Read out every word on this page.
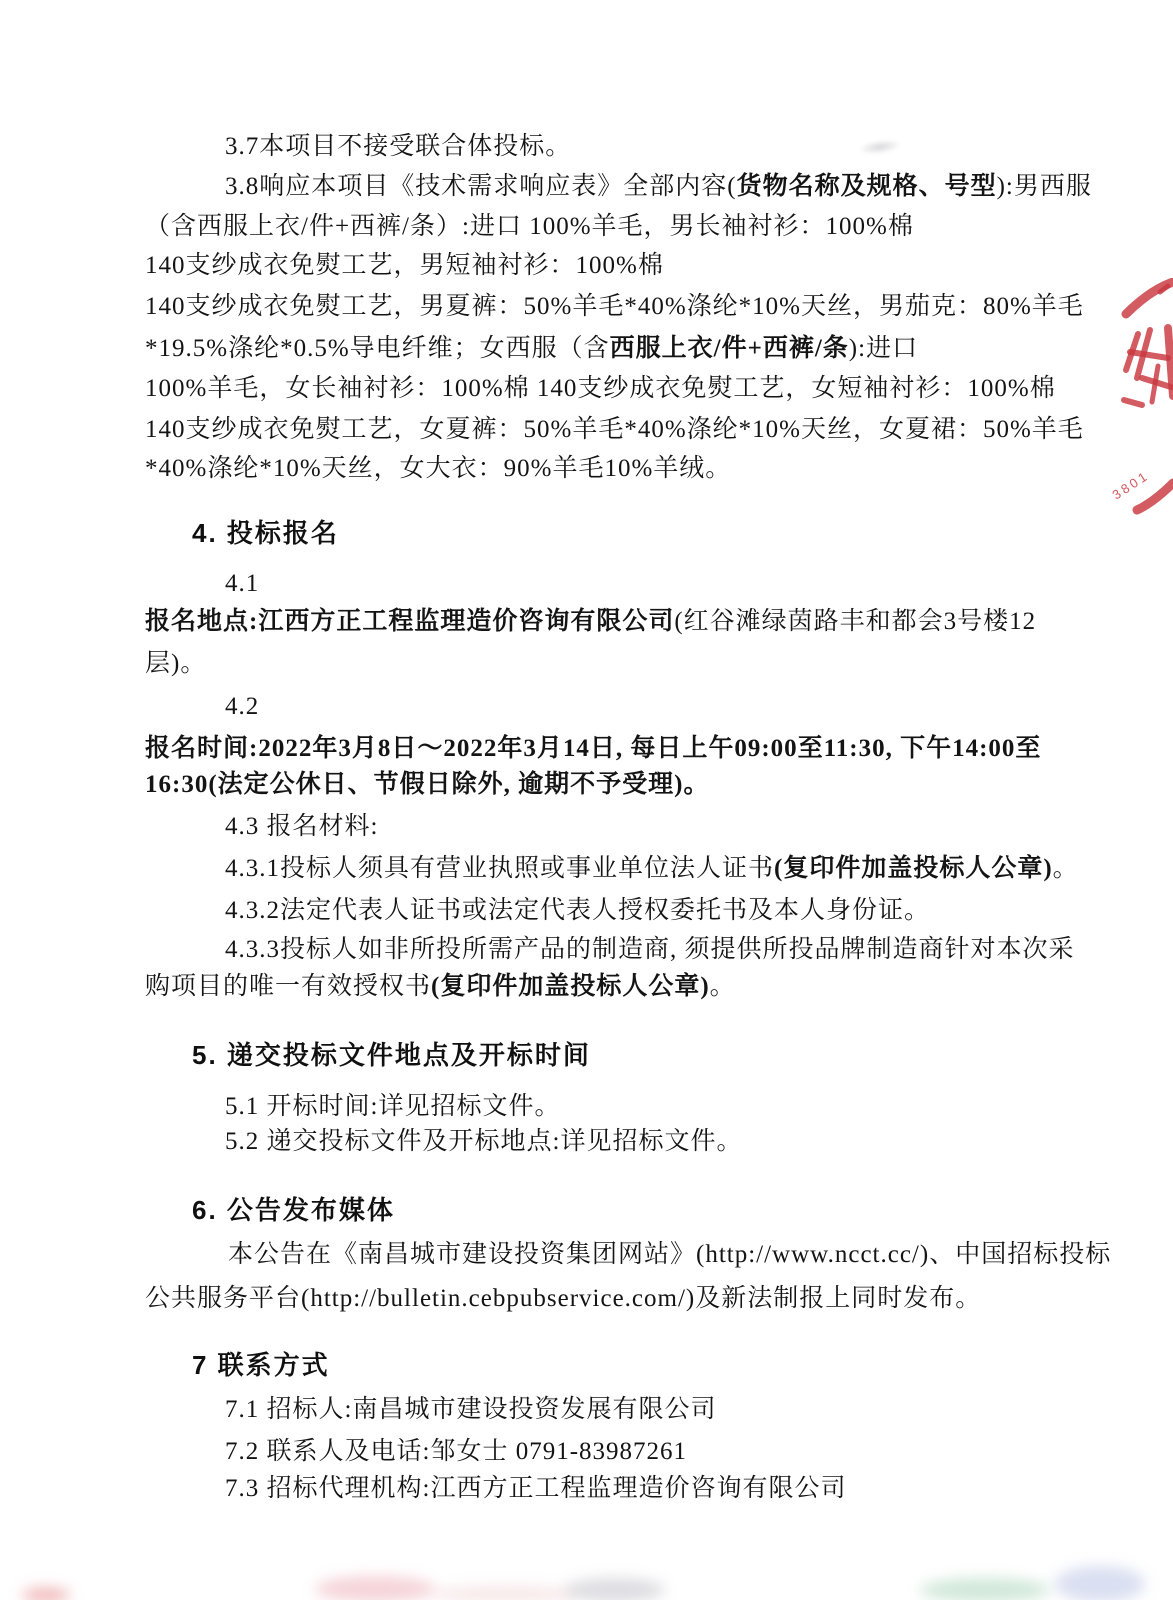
3.7本项目不接受联合体投标。
3.8响应本项目《技术需求响应表》全部内容(货物名称及规格、号型):男西服
（含西服上衣/件+西裤/条）:进口 100%羊毛，男长袖衬衫：100%棉
140支纱成衣免熨工艺，男短袖衬衫：100%棉
140支纱成衣免熨工艺，男夏裤：50%羊毛*40%涤纶*10%天丝，男茄克：80%羊毛
*19.5%涤纶*0.5%导电纤维；女西服（含西服上衣/件+西裤/条)​:进口
100%羊毛，女长袖衬衫：100%棉 140支纱成衣免熨工艺，女短袖衬衫：100%棉
140支纱成衣免熨工艺，女夏裤：50%羊毛*40%涤纶*10%天丝，女夏裙：50%羊毛
*40%涤纶*10%天丝，女大衣：90%羊毛10%羊绒。
4. 投标报名
4.1
报名地点:江西方正工程监理造价咨询有限公司(红谷滩绿茵路丰和都会3号楼12
层)。
4.2
报名时间:2022年3月8日～2022年3月14日, 每日上午09:00至11:30, 下午14:00至
16:30(法定公休日、节假日除外, 逾期不予受理)。
4.3 报名材料:
4.3.1投标人须具有营业执照或事业单位法人证书(复印件加盖投标人公章)。
4.3.2法定代表人证书或法定代表人授权委托书及本人身份证。
4.3.3投标人如非所投所需产品的制造商, 须提供所投品牌制造商针对本次采
购项目的唯一有效授权书(复印件加盖投标人公章)。
5. 递交投标文件地点及开标时间
5.1 开标时间:详见招标文件。
5.2 递交投标文件及开标地点:详见招标文件。
6. 公告发布媒体
本公告在《南昌城市建设投资集团网站》(http://www.ncct.cc/)、中国招标投标
公共服务平台(http://bulletin.cebpubservice.com/)及新法制报上同时发布。
7 联系方式
7.1 招标人:南昌城市建设投资发展有限公司
7.2 联系人及电话:邹女士 0791-83987261
7.3 招标代理机构:江西方正工程监理造价咨询有限公司
3801
